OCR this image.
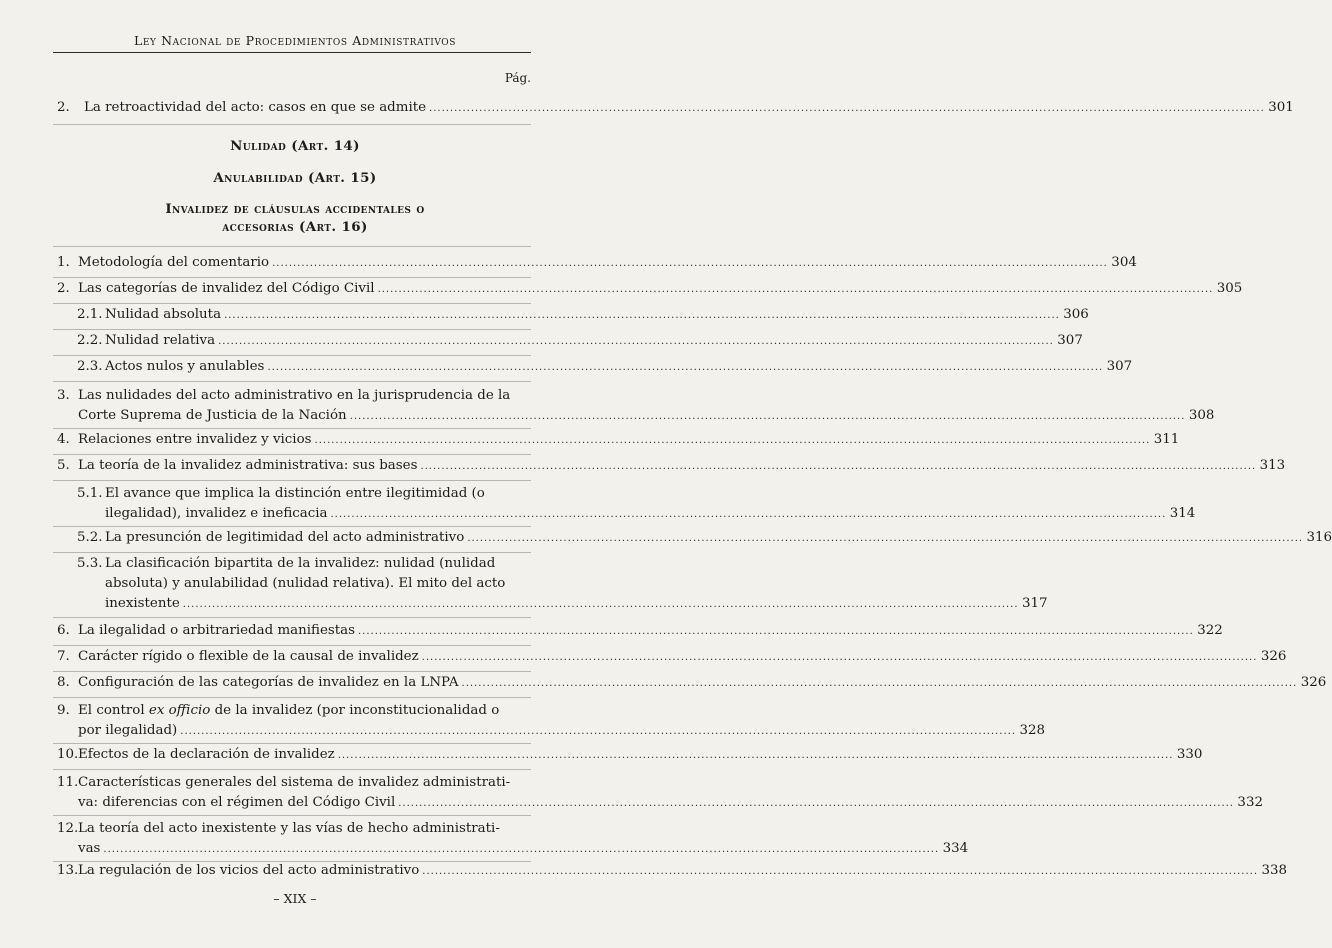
Ley Nacional de Procedimientos Administrativos
Pág.
2.	La retroactividad del acto: casos en que se admite ........................................................................................................................................................................................................ 301
Nulidad (Art. 14)
Anulabilidad (Art. 15)
Invalidez de cláusulas accidentales o
accesorias (Art. 16)
1. Metodología del comentario ........................................................................................................................................................................................................ 304
2. Las categorías de invalidez del Código Civil ........................................................................................................................................................................................................ 305
2.1. Nulidad absoluta ........................................................................................................................................................................................................ 306
2.2. Nulidad relativa ........................................................................................................................................................................................................ 307
2.3. Actos nulos y anulables ........................................................................................................................................................................................................ 307
3. Las nulidades del acto administrativo en la jurisprudencia de la
Corte Suprema de Justicia de la Nación ........................................................................................................................................................................................................ 308
4. Relaciones entre invalidez y vicios ........................................................................................................................................................................................................ 311
5. La teoría de la invalidez administrativa: sus bases ........................................................................................................................................................................................................ 313
5.1. El avance que implica la distinción entre ilegitimidad (o
ilegalidad), invalidez e ineficacia ........................................................................................................................................................................................................ 314
5.2. La presunción de legitimidad del acto administrativo ........................................................................................................................................................................................................ 316
5.3. La clasificación bipartita de la invalidez: nulidad (nulidad
absoluta) y anulabilidad (nulidad relativa). El mito del acto
inexistente ........................................................................................................................................................................................................ 317
6. La ilegalidad o arbitrariedad manifiestas ........................................................................................................................................................................................................ 322
7. Carácter rígido o flexible de la causal de invalidez ........................................................................................................................................................................................................ 326
8. Configuración de las categorías de invalidez en la LNPA ........................................................................................................................................................................................................ 326
9. El control ex officio de la invalidez (por inconstitucionalidad o
por ilegalidad) ........................................................................................................................................................................................................ 328
10. Efectos de la declaración de invalidez ........................................................................................................................................................................................................ 330
11. Características generales del sistema de invalidez administrati-
va: diferencias con el régimen del Código Civil ........................................................................................................................................................................................................ 332
12. La teoría del acto inexistente y las vías de hecho administrati-
vas ........................................................................................................................................................................................................ 334
13. La regulación de los vicios del acto administrativo ........................................................................................................................................................................................................ 338
– XIX –
